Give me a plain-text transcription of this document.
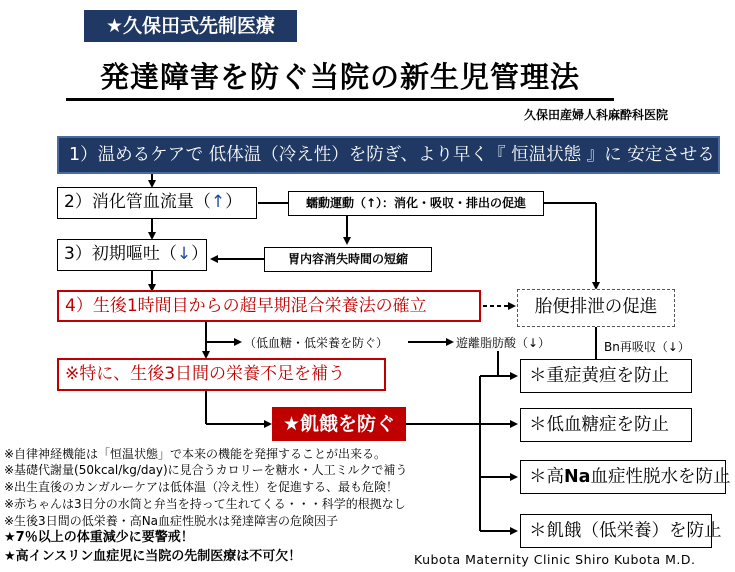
★久保田式先制医療
発達障害を防ぐ当院の新生児管理法
久保田産婦人科麻酔科医院
1）温めるケアで 低体温（冷え性）を防ぎ、より早く『 恒温状態 』に 安定させる
2）消化管血流量（↑）	蠕動運動（↑）：消化・吸収・排出の促進
3）初期嘔吐（↓）	胃内容消失時間の短縮
4）生後1時間目からの超早期混合栄養法の確立	胎便排泄の促進
（低血糖・低栄養を防ぐ）	遊離脂肪酸（↓）	Bn再吸収（↓）
※特に、生後3日間の栄養不足を補う
★飢餓を防ぐ
＊重症黄疸を防止
＊低血糖症を防止
＊高Na血症性脱水を防止
＊飢餓（低栄養）を防止
※自律神経機能は「恒温状態」で本来の機能を発揮することが出来る。
※基礎代謝量(50kcal/kg/day)に見合うカロリーを糖水・人工ミルクで補う
※出生直後のカンガルーケアは低体温（冷え性）を促進する、最も危険！
※赤ちゃんは3日分の水筒と弁当を持って生れてくる・・・科学的根拠なし
※生後3日間の低栄養・高Na血症性脱水は発達障害の危険因子
★7％以上の体重減少に要警戒！
★高インスリン血症児に当院の先制医療は不可欠！	Kubota Maternity Clinic Shiro Kubota M.D.
